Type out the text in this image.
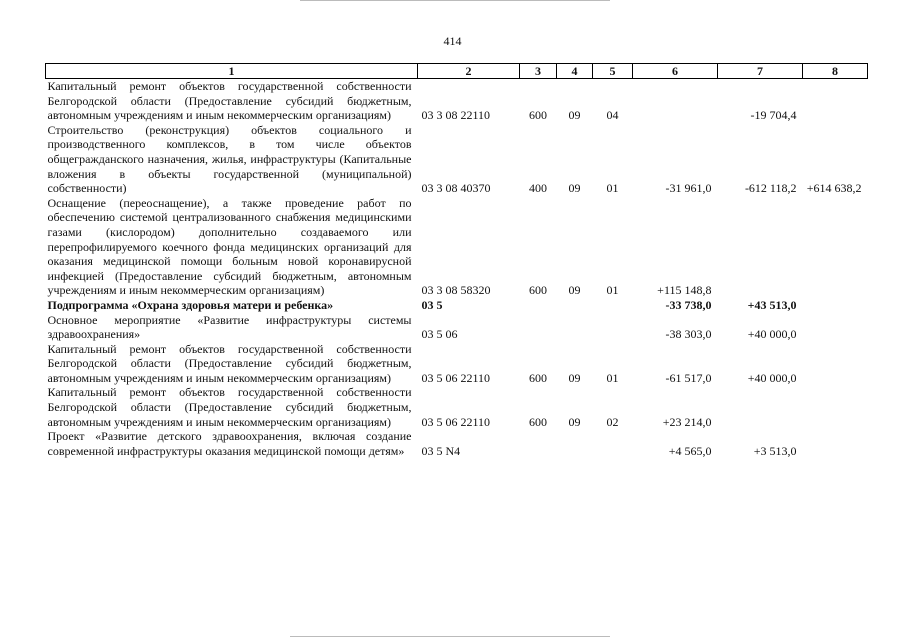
414
1	2	3	4	5	6	7	8
Капитальный ремонт объектов государственной собственности Белгородской области (Предоставление субсидий бюджетным, автономным учреждениям и иным некоммерческим организациям)	03 3 08 22110	600	09	04		-19 704,4	
Строительство (реконструкция) объектов социального и производственного комплексов, в том числе объектов общегражданского назначения, жилья, инфраструктуры (Капитальные вложения в объекты государственной (муниципальной) собственности)	03 3 08 40370	400	09	01	-31 961,0	-612 118,2	+614 638,2
Оснащение (переоснащение), а также проведение работ по обеспечению системой централизованного снабжения медицинскими газами (кислородом) дополнительно создаваемого или перепрофилируемого коечного фонда медицинских организаций для оказания медицинской помощи больным новой коронавирусной инфекцией (Предоставление субсидий бюджетным, автономным учреждениям и иным некоммерческим организациям)	03 3 08 58320	600	09	01	+115 148,8		
Подпрограмма «Охрана здоровья матери и ребенка»	03 5				-33 738,0	+43 513,0	
Основное мероприятие «Развитие инфраструктуры системы здравоохранения»	03 5 06				-38 303,0	+40 000,0	
Капитальный ремонт объектов государственной собственности Белгородской области (Предоставление субсидий бюджетным, автономным учреждениям и иным некоммерческим организациям)	03 5 06 22110	600	09	01	-61 517,0	+40 000,0	
Капитальный ремонт объектов государственной собственности Белгородской области (Предоставление субсидий бюджетным, автономным учреждениям и иным некоммерческим организациям)	03 5 06 22110	600	09	02	+23 214,0		
Проект «Развитие детского здравоохранения, включая создание современной инфраструктуры оказания медицинской помощи детям»	03 5 N4				+4 565,0	+3 513,0	
